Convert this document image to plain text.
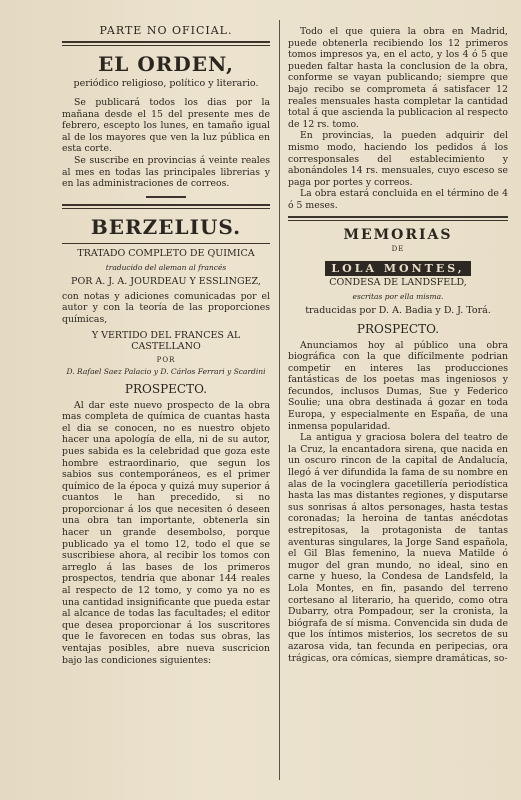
PARTE NO OFICIAL.
EL ORDEN,
periódico religioso, político y literario.

Se publicará todos los dias por la mañana desde el 15 del presente mes de febrero, escepto los lunes, en tamaño igual al de los mayores que ven la luz pública en esta corte.

Se suscribe en provincias á veinte reales al mes en todas las principales librerias y en las administraciones de correos.

BERZELIUS.
TRATADO COMPLETO DE QUIMICA
traducido del aleman al francés
POR A. J. A. JOURDEAU Y ESSLINGEZ,

con notas y adiciones comunicadas por el autor y con la teoría de las proporciones químicas,

Y VERTIDO DEL FRANCES AL CASTELLANO
POR
D. Rafael Saez Palacio y D. Cárlos Ferrari y Scardini
PROSPECTO.

Al dar este nuevo prospecto de la obra mas completa de química de cuantas hasta el dia se conocen, no es nuestro objeto hacer una apología de ella, ni de su autor, pues sabida es la celebridad que goza este hombre estraordinario, que segun los sabios sus contemporáneos, es el primer químico de la época y quizá muy superior á cuantos le han precedido, si no proporcionar á los que necesiten ó deseen una obra tan importante, obtenerla sin hacer un grande desembolso, porque publicado ya el tomo 12, todo el que se suscribiese ahora, al recibir los tomos con arreglo á las bases de los primeros prospectos, tendria que abonar 144 reales al respecto de 12 tomo, y como ya no es una cantidad insignificante que pueda estar al alcance de todas las facultades; el editor que desea proporcionar á los suscritores que le favorecen en todas sus obras, las ventajas posibles, abre nueva suscricion bajo las condiciones siguientes:

Todo el que quiera la obra en Madrid, puede obtenerla recibiendo los 12 primeros tomos impresos ya, en el acto, y los 4 ó 5 que pueden faltar hasta la conclusion de la obra, conforme se vayan publicando; siempre que bajo recibo se comprometa á satisfacer 12 reales mensuales hasta completar la cantidad total á que ascienda la publicacion al respecto de 12 rs. tomo.

En provincias, la pueden adquirir del mismo modo, haciendo los pedidos á los corresponsales del establecimiento y abonándoles 14 rs. mensuales, cuyo esceso se paga por portes y correos.

La obra estará concluida en el término de 4 ó 5 meses.

MEMORIAS
DE
LOLA MONTES,
CONDESA DE LANDSFELD,
escritas por ella misma.
traducidas por D. A. Badia y D. J. Torá.
PROSPECTO.

Anunciamos hoy al público una obra biográfica con la que difícilmente podrian competir en interes las producciones fantásticas de los poetas mas ingeniosos y fecundos, inclusos Dumas, Sue y Federico Soulie; una obra destinada á gozar en toda Europa, y especialmente en España, de una inmensa popularidad.

La antigua y graciosa bolera del teatro de la Cruz, la encantadora sirena, que nacida en un oscuro rincon de la capital de Andalucía, llegó á ver difundida la fama de su nombre en alas de la vocinglera gacetillería periodística hasta las mas distantes regiones, y disputarse sus sonrisas á altos personages, hasta testas coronadas; la heroina de tantas anécdotas estrepitosas, la protagonista de tantas aventuras singulares, la Jorge Sand española, el Gil Blas femenino, la nueva Matilde ó mugor del gran mundo, no ideal, sino en carne y hueso, la Condesa de Landsfeld, la Lola Montes, en fin, pasando del terreno cortesano al literario, ha querido, como otra Dubarry, otra Pompadour, ser la cronista, la biógrafa de sí misma. Convencida sin duda de que los íntimos misterios, los secretos de su azarosa vida, tan fecunda en peripecias, ora trágicas, ora cómicas, siempre dramáticas, so-
